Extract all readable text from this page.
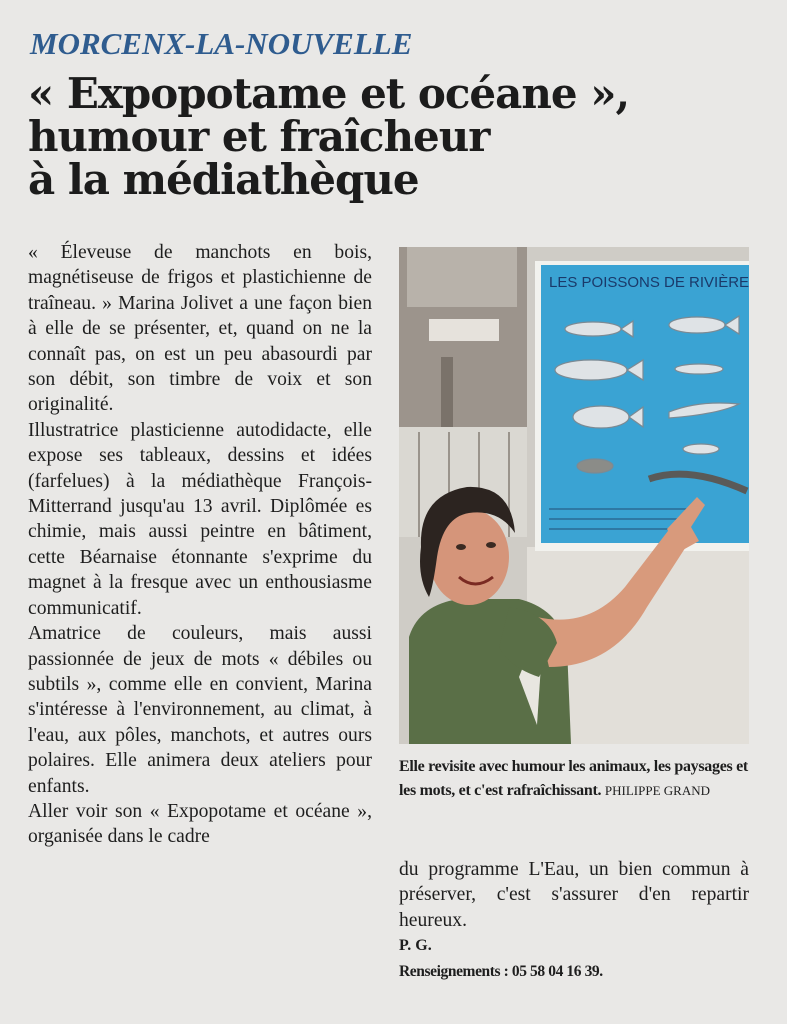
MORCENX-LA-NOUVELLE
« Expopotame et océane »,
humour et fraîcheur
à la médiathèque

« Éleveuse de manchots en bois, magnétiseuse de frigos et plastichienne de traîneau. » Marina Jolivet a une façon bien à elle de se présenter, et, quand on ne la connaît pas, on est un peu abasourdi par son débit, son timbre de voix et son originalité.

Illustratrice plasticienne autodidacte, elle expose ses tableaux, dessins et idées (farfelues) à la médiathèque François-Mitterrand jusqu'au 13 avril. Diplômée es chimie, mais aussi peintre en bâtiment, cette Béarnaise étonnante s'exprime du magnet à la fresque avec un enthousiasme communicatif.

Amatrice de couleurs, mais aussi passionnée de jeux de mots « débiles ou subtils », comme elle en convient, Marina s'intéresse à l'environnement, au climat, à l'eau, aux pôles, manchots, et autres ours polaires. Elle animera deux ateliers pour enfants.

Aller voir son « Expopotame et océane », organisée dans le cadre

LES POISSONS DE RIVIÈRE
Elle revisite avec humour les animaux, les paysages et les mots, et c'est rafraîchissant. PHILIPPE GRAND

du programme L'Eau, un bien commun à préserver, c'est s'assurer d'en repartir heureux.

P. G.

Renseignements : 05 58 04 16 39.
